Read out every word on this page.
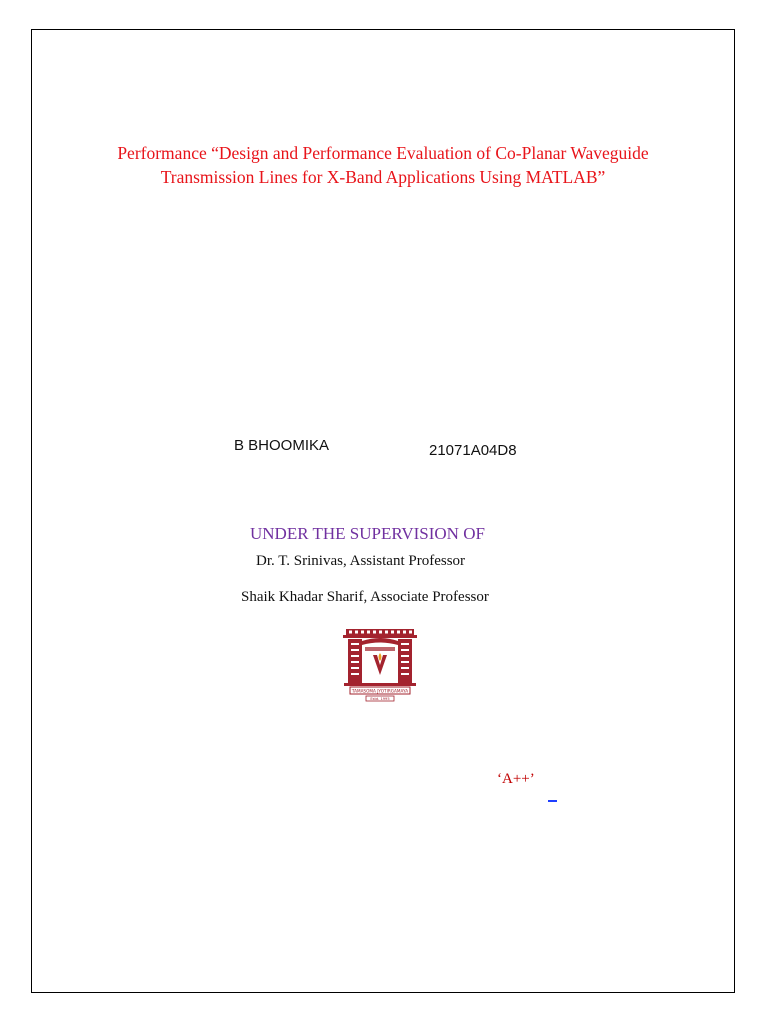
Performance “Design and Performance Evaluation of Co-Planar Waveguide
Transmission Lines for X-Band Applications Using MATLAB”
B BHOOMIKA	21071A04D8
UNDER THE SUPERVISION OF
Dr. T. Srinivas, Assistant Professor
Shaik Khadar Sharif, Associate Professor
TAMASOMA JYOTIRGAMAYA
Estd. 1995
‘A++’
